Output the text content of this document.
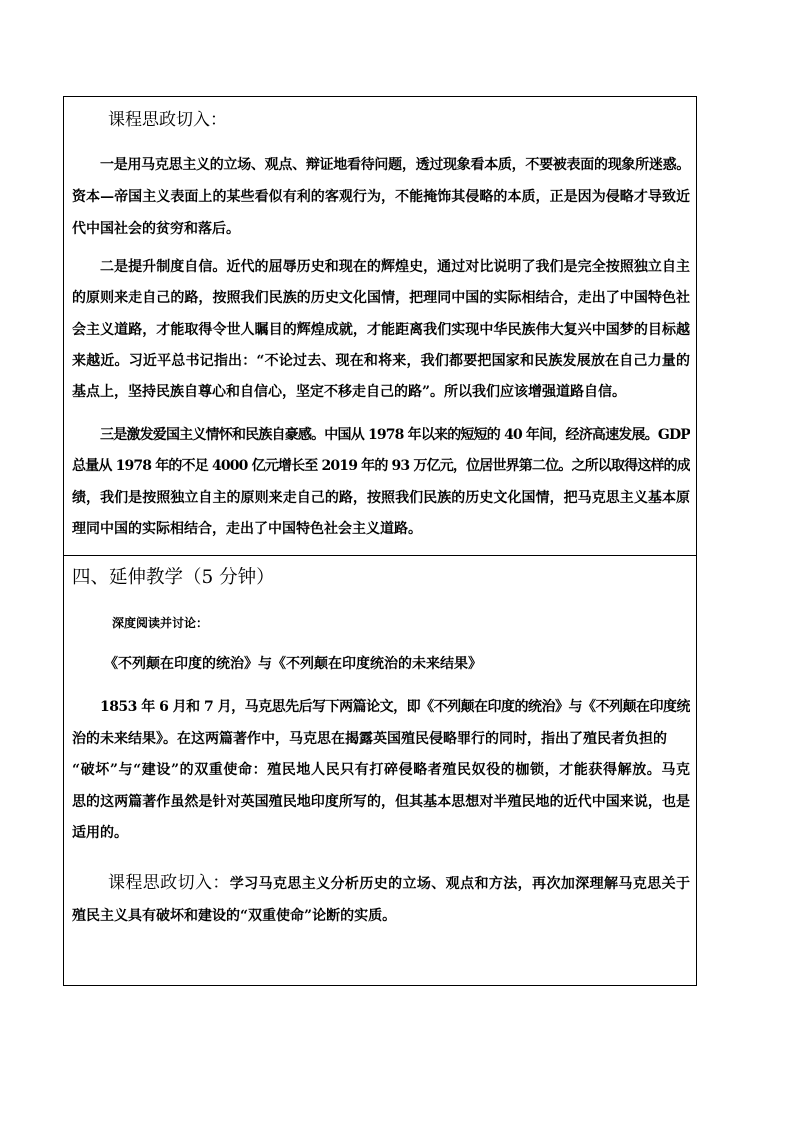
课程思政切入：
一是用马克思主义的立场、观点、辩证地看待问题，透过现象看本质，不要被表面的现象所迷惑。
资本—帝国主义表面上的某些看似有利的客观行为，不能掩饰其侵略的本质，正是因为侵略才导致近
代中国社会的贫穷和落后。
二是提升制度自信。近代的屈辱历史和现在的辉煌史，通过对比说明了我们是完全按照独立自主
的原则来走自己的路，按照我们民族的历史文化国情，把理同中国的实际相结合，走出了中国特色社
会主义道路，才能取得令世人瞩目的辉煌成就，才能距离我们实现中华民族伟大复兴中国梦的目标越
来越近。习近平总书记指出：“不论过去、现在和将来，我们都要把国家和民族发展放在自己力量的
基点上，坚持民族自尊心和自信心，坚定不移走自己的路”。所以我们应该增强道路自信。
三是激发爱国主义情怀和民族自豪感。中国从 1978 年以来的短短的 40 年间，经济高速发展。GDP
总量从 1978 年的不足 4000 亿元增长至 2019 年的 93 万亿元，位居世界第二位。之所以取得这样的成
绩，我们是按照独立自主的原则来走自己的路，按照我们民族的历史文化国情，把马克思主义基本原
理同中国的实际相结合，走出了中国特色社会主义道路。
四、延伸教学（5 分钟）
深度阅读并讨论：
《不列颠在印度的统治》与《不列颠在印度统治的未来结果》
1853 年 6 月和 7 月，马克思先后写下两篇论文，即《不列颠在印度的统治》与《不列颠在印度统
治的未来结果》。在这两篇著作中，马克思在揭露英国殖民侵略罪行的同时，指出了殖民者负担的
“破坏”与“建设”的双重使命：殖民地人民只有打碎侵略者殖民奴役的枷锁，才能获得解放。马克
思的这两篇著作虽然是针对英国殖民地印度所写的，但其基本思想对半殖民地的近代中国来说，也是
适用的。
课程思政切入：学习马克思主义分析历史的立场、观点和方法，再次加深理解马克思关于
殖民主义具有破坏和建设的“双重使命”论断的实质。
